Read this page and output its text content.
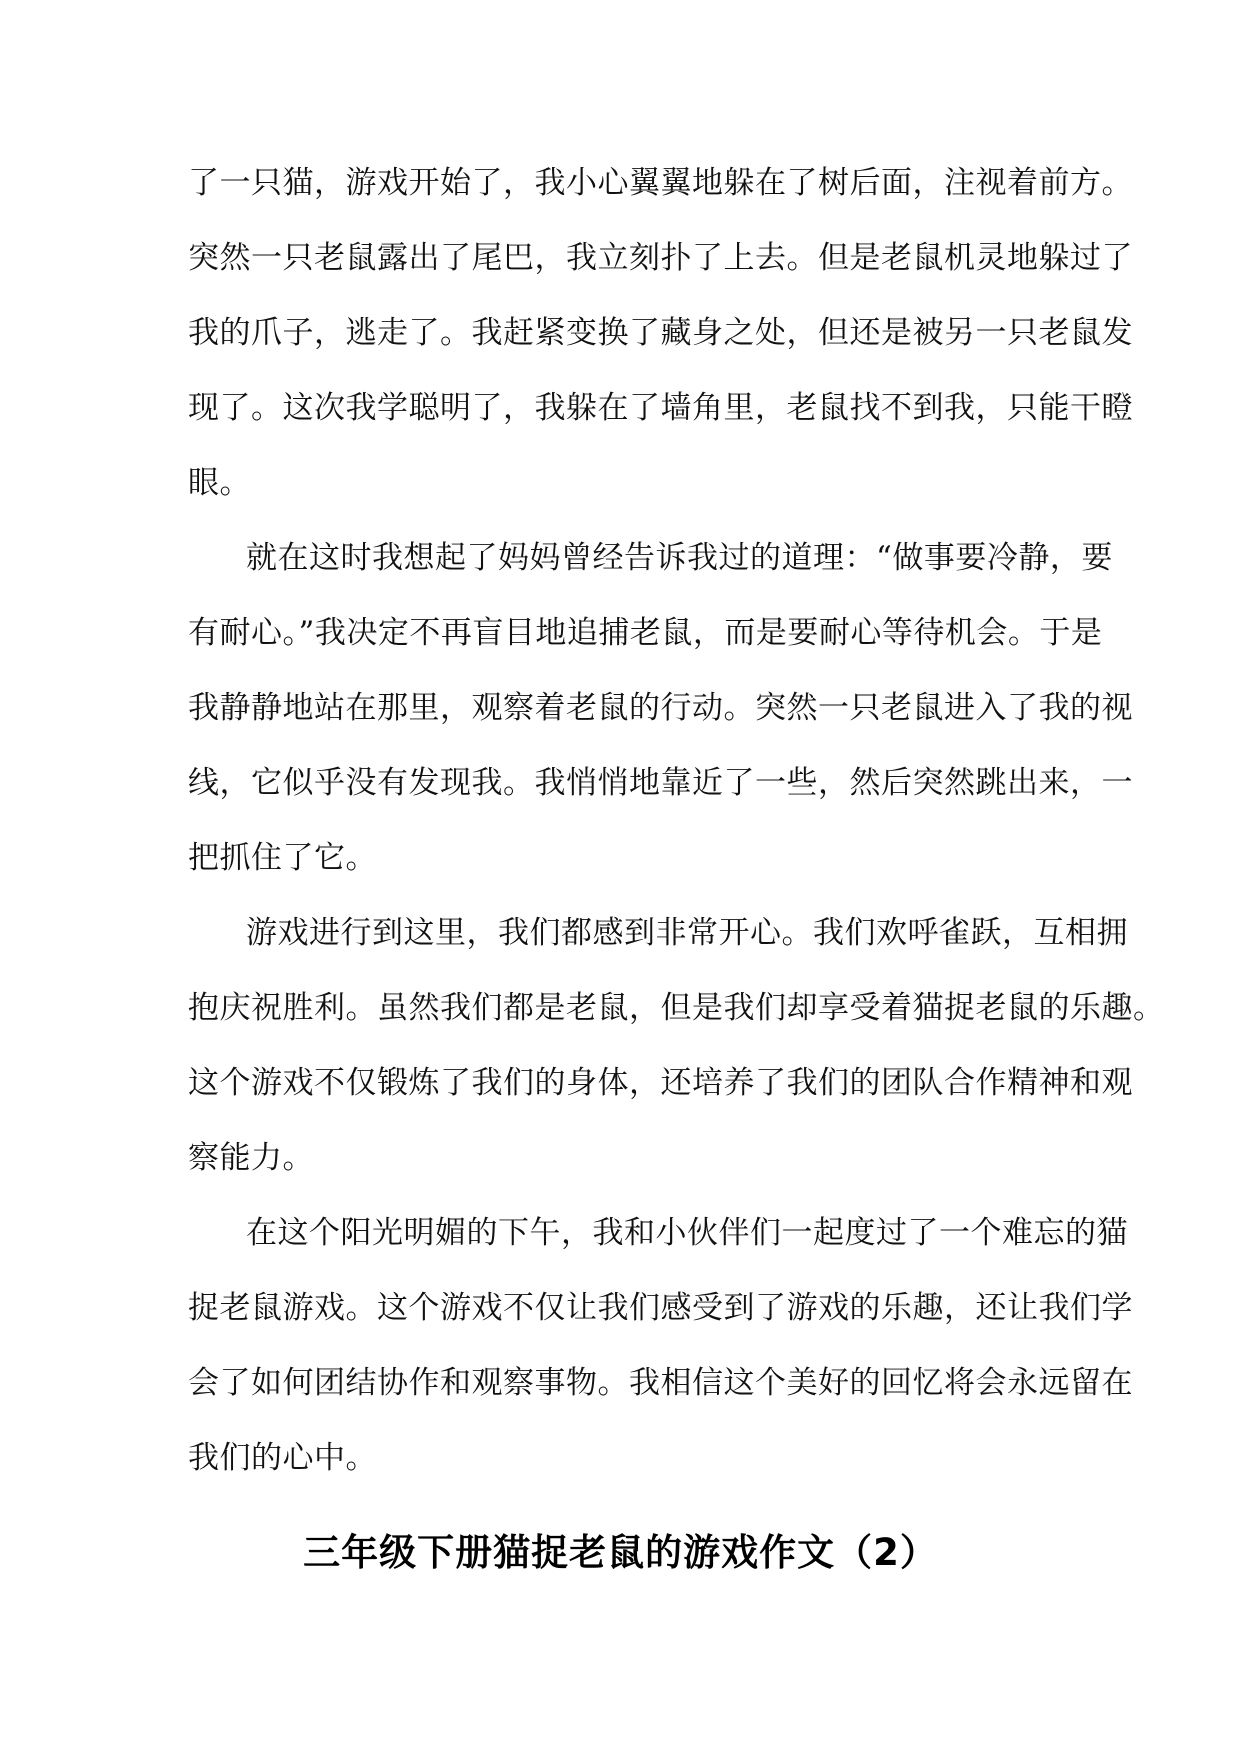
了一只猫，游戏开始了，我小心翼翼地躲在了树后面，注视着前方。
突然一只老鼠露出了尾巴，我立刻扑了上去。但是老鼠机灵地躲过了
我的爪子，逃走了。我赶紧变换了藏身之处，但还是被另一只老鼠发
现了。这次我学聪明了，我躲在了墙角里，老鼠找不到我，只能干瞪
眼。
就在这时我想起了妈妈曾经告诉我过的道理：“做事要冷静，要
有耐心。”我决定不再盲目地追捕老鼠，而是要耐心等待机会。于是
我静静地站在那里，观察着老鼠的行动。突然一只老鼠进入了我的视
线，它似乎没有发现我。我悄悄地靠近了一些，然后突然跳出来，一
把抓住了它。
游戏进行到这里，我们都感到非常开心。我们欢呼雀跃，互相拥
抱庆祝胜利。虽然我们都是老鼠，但是我们却享受着猫捉老鼠的乐趣。
这个游戏不仅锻炼了我们的身体，还培养了我们的团队合作精神和观
察能力。
在这个阳光明媚的下午，我和小伙伴们一起度过了一个难忘的猫
捉老鼠游戏。这个游戏不仅让我们感受到了游戏的乐趣，还让我们学
会了如何团结协作和观察事物。我相信这个美好的回忆将会永远留在
我们的心中。
三年级下册猫捉老鼠的游戏作文（2）
